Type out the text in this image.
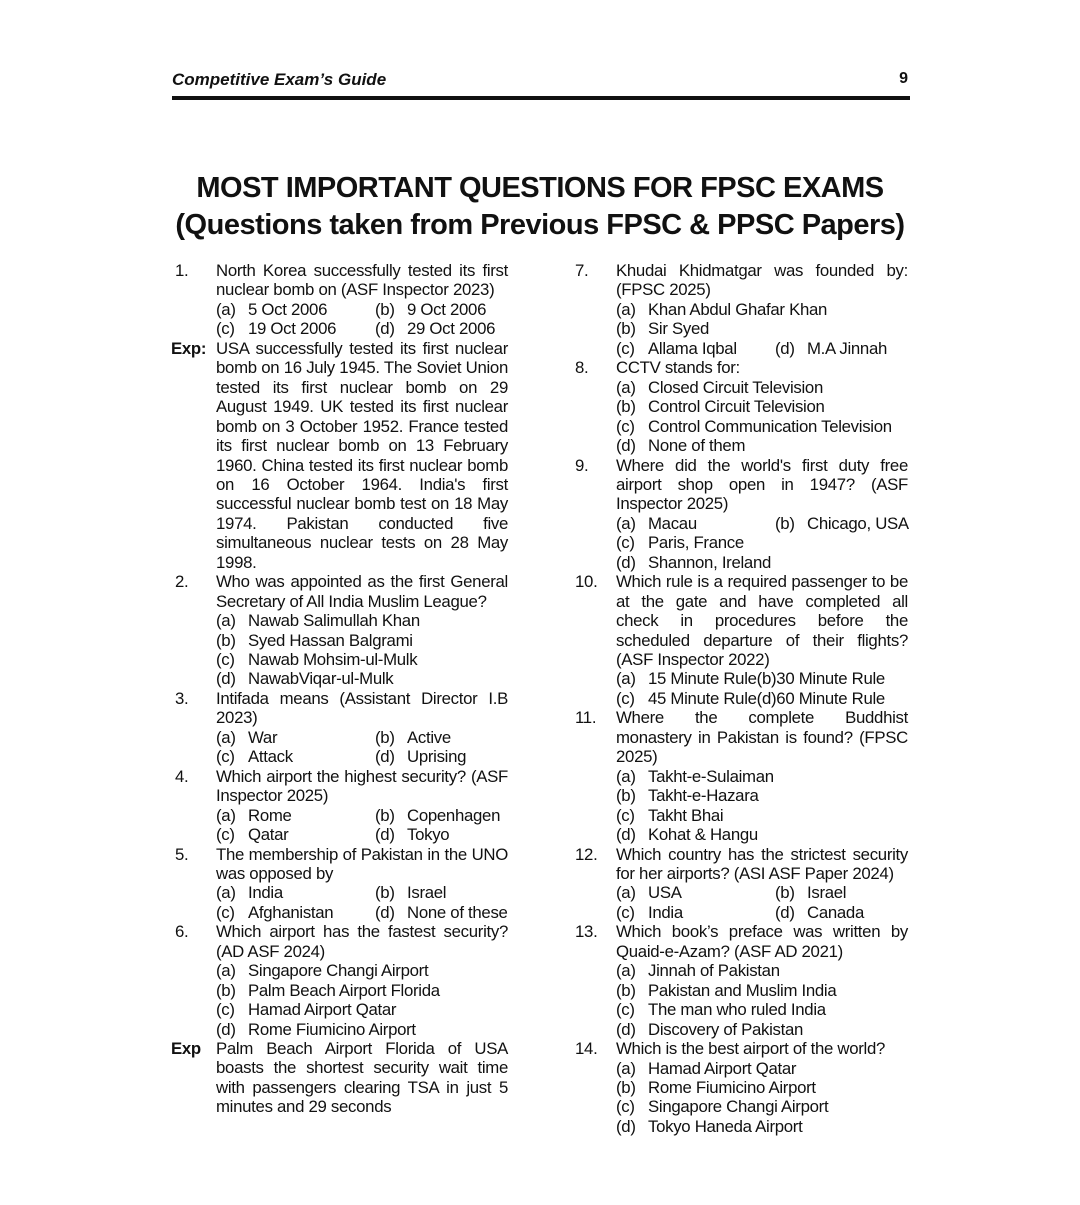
Competitive Exam’s Guide	9
MOST IMPORTANT QUESTIONS FOR FPSC EXAMS
(Questions taken from Previous FPSC & PPSC Papers)
1. North Korea successfully tested its first nuclear bomb on (ASF Inspector 2023)
(a) 5 Oct 2006	(b) 9 Oct 2006
(c) 19 Oct 2006 (d) 29 Oct 2006
Exp: USA successfully tested its first nuclear bomb on 16 July 1945. The Soviet Union tested its first nuclear bomb on 29 August 1949. UK tested its first nuclear bomb on 3 October 1952. France tested its first nuclear bomb on 13 February 1960. China tested its first nuclear bomb on 16 October 1964. India's first successful nuclear bomb test on 18 May 1974. Pakistan conducted five simultaneous nuclear tests on 28 May 1998.
2. Who was appointed as the first General Secretary of All India Muslim League?
(a) Nawab Salimullah Khan
(b) Syed Hassan Balgrami
(c) Nawab Mohsim-ul-Mulk
(d) NawabViqar-ul-Mulk
3. Intifada means (Assistant Director I.B 2023)
(a) War	(b) Active
(c) Attack	(d) Uprising
4. Which airport the highest security? (ASF Inspector 2025)
(a) Rome	(b) Copenhagen
(c) Qatar	(d) Tokyo
5. The membership of Pakistan in the UNO was opposed by
(a) India	(b) Israel
(c) Afghanistan (d) None of these
6. Which airport has the fastest security? (AD ASF 2024)
(a) Singapore Changi Airport
(b) Palm Beach Airport Florida
(c) Hamad Airport Qatar
(d) Rome Fiumicino Airport
Exp Palm Beach Airport Florida of USA boasts the shortest security wait time with passengers clearing TSA in just 5 minutes and 29 seconds
7. Khudai Khidmatgar was founded by: (FPSC 2025)
(a) Khan Abdul Ghafar Khan
(b) Sir Syed
(c) Allama Iqbal (d) M.A Jinnah
8. CCTV stands for:
(a) Closed Circuit Television
(b) Control Circuit Television
(c) Control Communication Television
(d) None of them
9. Where did the world's first duty free airport shop open in 1947? (ASF Inspector 2025)
(a) Macau	(b) Chicago, USA
(c) Paris, France
(d) Shannon, Ireland
10. Which rule is a required passenger to be at the gate and have completed all check in procedures before the scheduled departure of their flights? (ASF Inspector 2022)
(a) 15 Minute Rule(b)30 Minute Rule
(c) 45 Minute Rule(d)60 Minute Rule
11. Where the complete Buddhist monastery in Pakistan is found? (FPSC 2025)
(a) Takht-e-Sulaiman
(b) Takht-e-Hazara
(c) Takht Bhai
(d) Kohat & Hangu
12. Which country has the strictest security for her airports? (ASI ASF Paper 2024)
(a) USA	(b) Israel
(c) India	(d) Canada
13. Which book’s preface was written by Quaid-e-Azam? (ASF AD 2021)
(a) Jinnah of Pakistan
(b) Pakistan and Muslim India
(c) The man who ruled India
(d) Discovery of Pakistan
14. Which is the best airport of the world?
(a) Hamad Airport Qatar
(b) Rome Fiumicino Airport
(c) Singapore Changi Airport
(d) Tokyo Haneda Airport
